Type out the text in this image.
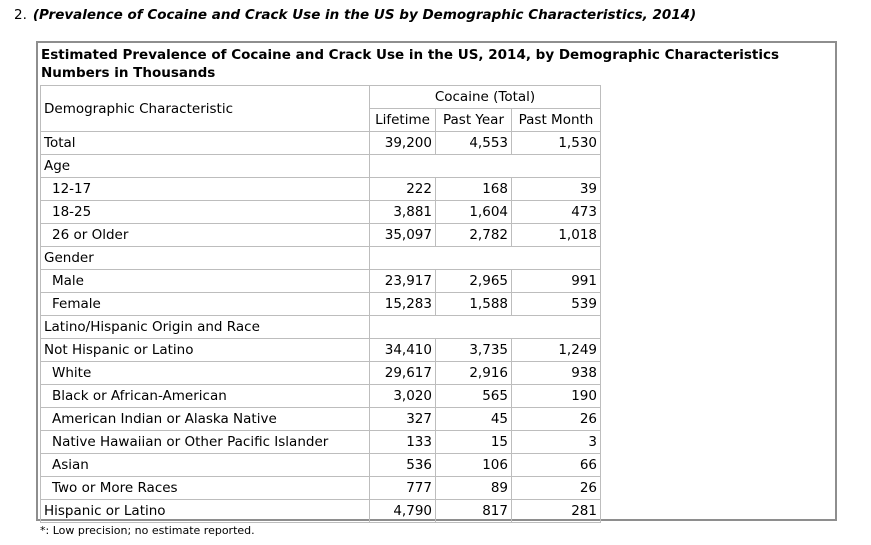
2. (Prevalence of Cocaine and Crack Use in the US by Demographic Characteristics, 2014)
Estimated Prevalence of Cocaine and Crack Use in the US, 2014, by Demographic Characteristics
Numbers in Thousands
Demographic Characteristic	Cocaine (Total)		
	Lifetime	Past Year	Past Month
Total	39,200	4,553	1,530
Age			
12-17	222	168	39
18-25	3,881	1,604	473
26 or Older	35,097	2,782	1,018
Gender			
Male	23,917	2,965	991
Female	15,283	1,588	539
Latino/Hispanic Origin and Race			
Not Hispanic or Latino	34,410	3,735	1,249
White	29,617	2,916	938
Black or African-American	3,020	565	190
American Indian or Alaska Native	327	45	26
Native Hawaiian or Other Pacific Islander	133	15	3
Asian	536	106	66
Two or More Races	777	89	26
Hispanic or Latino	4,790	817	281
*: Low precision; no estimate reported.
